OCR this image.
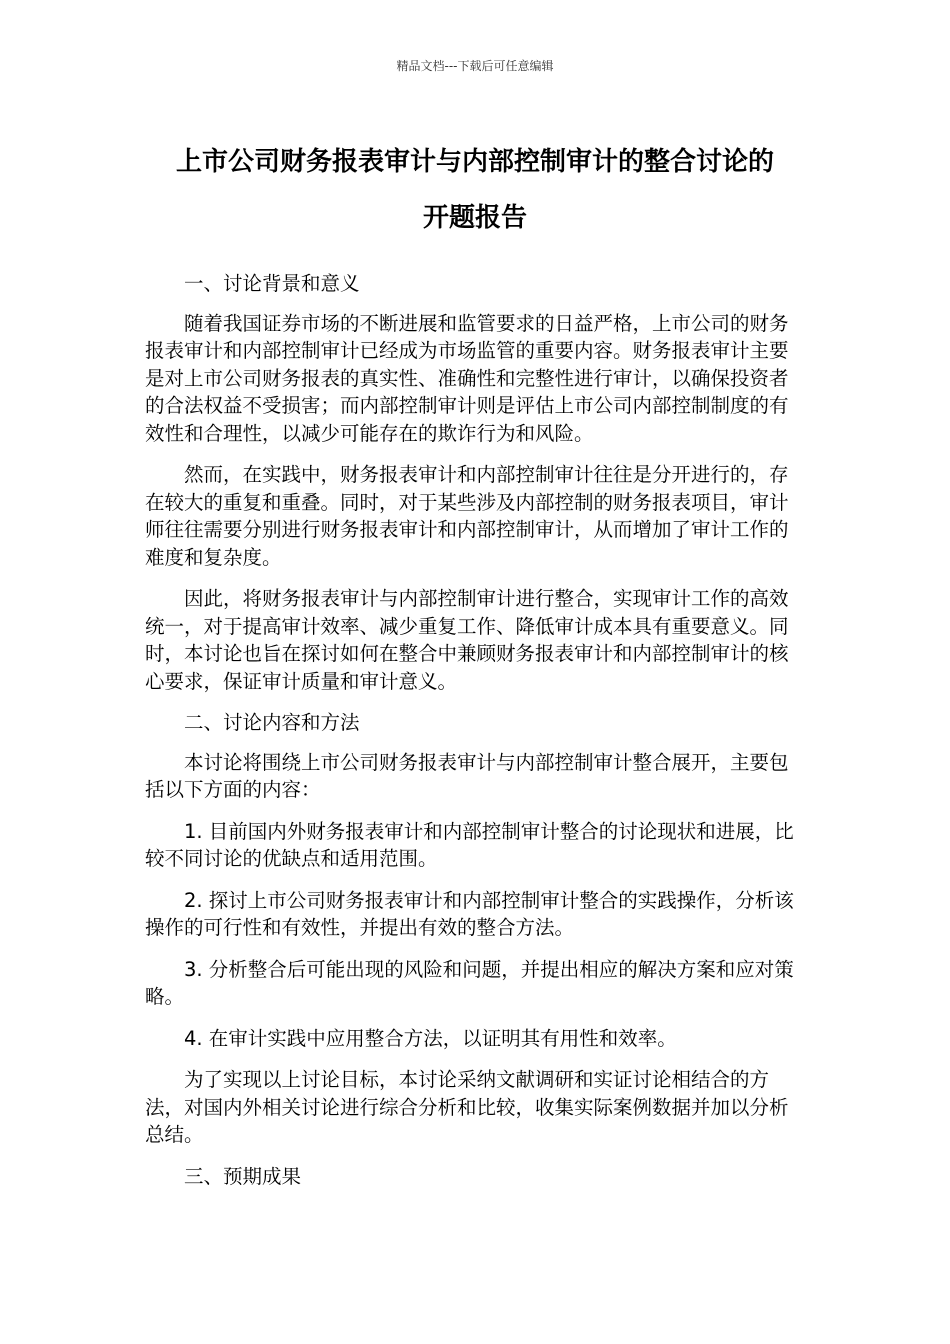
精品文档---下载后可任意编辑
上市公司财务报表审计与内部控制审计的整合讨论的
开题报告

一、讨论背景和意义

随着我国证券市场的不断进展和监管要求的日益严格，上市公司的财务报表审计和内部控制审计已经成为市场监管的重要内容。财务报表审计主要是对上市公司财务报表的真实性、准确性和完整性进行审计，以确保投资者的合法权益不受损害；而内部控制审计则是评估上市公司内部控制制度的有效性和合理性，以减少可能存在的欺诈行为和风险。

然而，在实践中，财务报表审计和内部控制审计往往是分开进行的，存在较大的重复和重叠。同时，对于某些涉及内部控制的财务报表项目，审计师往往需要分别进行财务报表审计和内部控制审计，从而增加了审计工作的难度和复杂度。

因此，将财务报表审计与内部控制审计进行整合，实现审计工作的高效统一，对于提高审计效率、减少重复工作、降低审计成本具有重要意义。同时，本讨论也旨在探讨如何在整合中兼顾财务报表审计和内部控制审计的核心要求，保证审计质量和审计意义。

二、讨论内容和方法

本讨论将围绕上市公司财务报表审计与内部控制审计整合展开，主要包括以下方面的内容：

1. 目前国内外财务报表审计和内部控制审计整合的讨论现状和进展，比较不同讨论的优缺点和适用范围。

2. 探讨上市公司财务报表审计和内部控制审计整合的实践操作，分析该操作的可行性和有效性，并提出有效的整合方法。

3. 分析整合后可能出现的风险和问题，并提出相应的解决方案和应对策略。

4. 在审计实践中应用整合方法，以证明其有用性和效率。

为了实现以上讨论目标，本讨论采纳文献调研和实证讨论相结合的方法，对国内外相关讨论进行综合分析和比较，收集实际案例数据并加以分析总结。

三、预期成果
